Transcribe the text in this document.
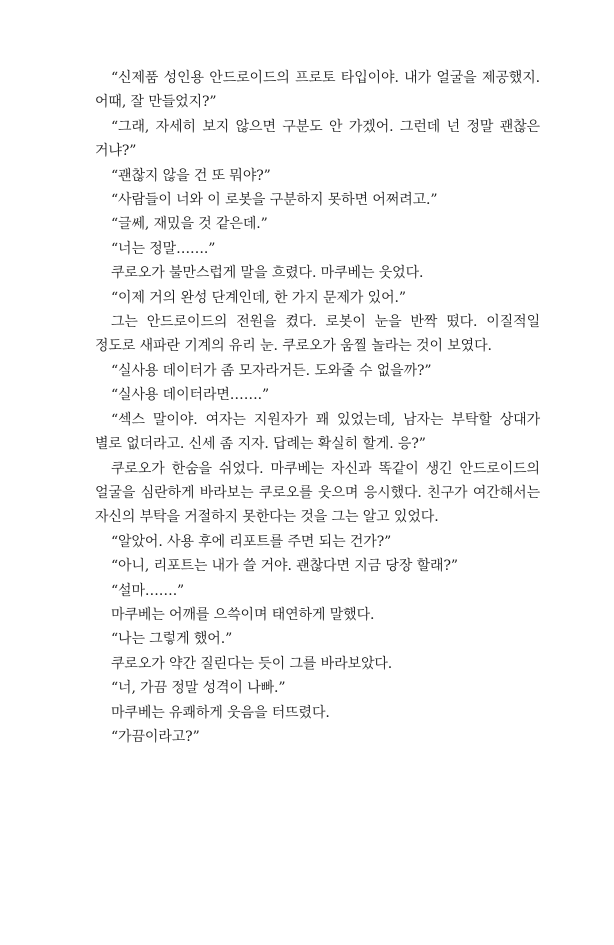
“신제품 성인용 안드로이드의 프로토 타입이야. 내가 얼굴을 제공했지. 어때, 잘 만들었지?”

“그래, 자세히 보지 않으면 구분도 안 가겠어. 그런데 넌 정말 괜찮은 거냐?”

“괜찮지 않을 건 또 뭐야?”

“사람들이 너와 이 로봇을 구분하지 못하면 어쩌려고.”

“글쎄, 재밌을 것 같은데.”

“너는 정말…….”

쿠로오가 불만스럽게 말을 흐렸다. 마쿠베는 웃었다.

“이제 거의 완성 단계인데, 한 가지 문제가 있어.”

그는 안드로이드의 전원을 켰다. 로봇이 눈을 반짝 떴다. 이질적일 정도로 새파란 기계의 유리 눈. 쿠로오가 움찔 놀라는 것이 보였다.

“실사용 데이터가 좀 모자라거든. 도와줄 수 없을까?”

“실사용 데이터라면…….”

“섹스 말이야. 여자는 지원자가 꽤 있었는데, 남자는 부탁할 상대가 별로 없더라고. 신세 좀 지자. 답례는 확실히 할게. 응?”

쿠로오가 한숨을 쉬었다. 마쿠베는 자신과 똑같이 생긴 안드로이드의 얼굴을 심란하게 바라보는 쿠로오를 웃으며 응시했다. 친구가 여간해서는 자신의 부탁을 거절하지 못한다는 것을 그는 알고 있었다.

“알았어. 사용 후에 리포트를 주면 되는 건가?”

“아니, 리포트는 내가 쓸 거야. 괜찮다면 지금 당장 할래?”

“설마…….”

마쿠베는 어깨를 으쓱이며 태연하게 말했다.

“나는 그렇게 했어.”

쿠로오가 약간 질린다는 듯이 그를 바라보았다.

“너, 가끔 정말 성격이 나빠.”

마쿠베는 유쾌하게 웃음을 터뜨렸다.

“가끔이라고?”
